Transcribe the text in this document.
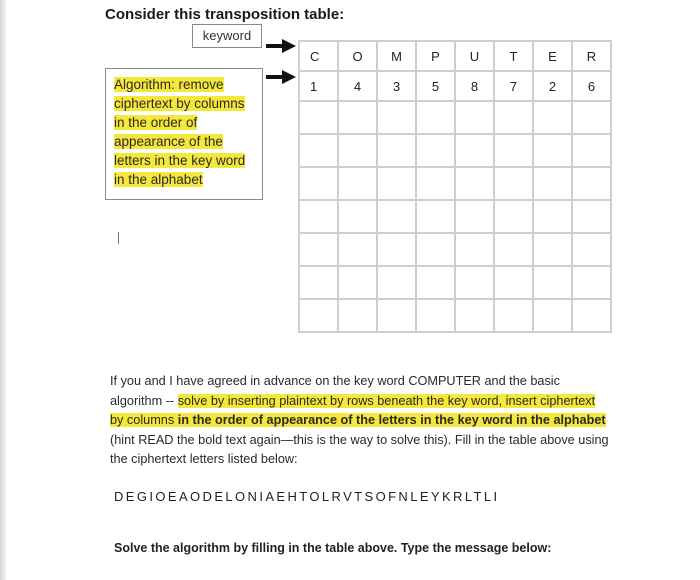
Consider this transposition table:
keyword
Algorithm: remove
ciphertext by columns
in the order of
appearance of the
letters in the key word
in the alphabet
C	O	M	P	U	T	E	R
1	4	3	5	8	7	2	6

If you and I have agreed in advance on the key word COMPUTER and the basic algorithm -- solve by inserting plaintext by rows beneath the key word, insert ciphertext by columns in the order of appearance of the letters in the key word in the alphabet (hint READ the bold text again—this is the way to solve this). Fill in the table above using the ciphertext letters listed below:
DEGIOEAODELONIAEHTOLRVTSOFNLEYKRLTLI
Solve the algorithm by filling in the table above. Type the message below:
